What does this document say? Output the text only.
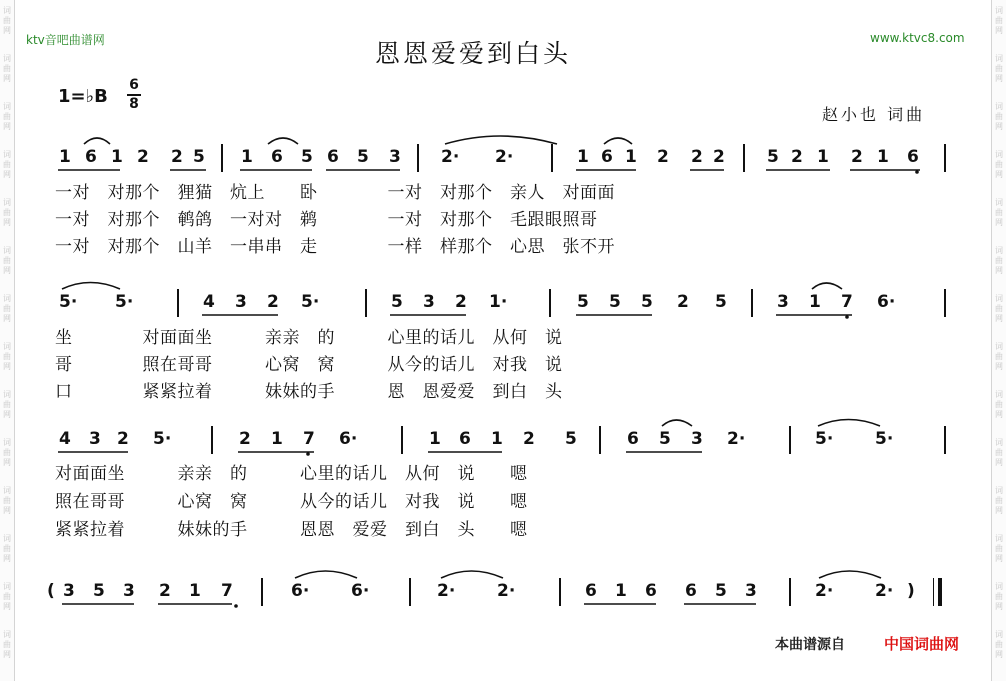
词曲网
词曲网
词曲网
词曲网
词曲网
词曲网
词曲网
词曲网
词曲网
词曲网
词曲网
词曲网
词曲网
词曲网
词曲网
词曲网
词曲网
词曲网
词曲网
词曲网
词曲网
词曲网
词曲网
词曲网
词曲网
词曲网
词曲网
词曲网
ktv音吧曲谱网	www.ktvc8.com
恩恩爱爱到白头
1=♭B
6
8
赵小也 词曲
1 6 1 2 2 5 1 6 5 6 5 3 2· 2·	1 6 1 2 2 2 5 2 1 2 1 6
一对　对那个　狸猫　炕上　　卧　　　　一对　对那个　亲人　对面面
一对　对那个　鹌鸽　一对对　鹈　　　　一对　对那个　毛跟眼照哥
一对　对那个　山羊　一串串　走　　　　一样　样那个　心思　张不开
5· 5·	4 3 2 5·	5 3 2 1·	5 5 5 2 5	3 1 7 6·
坐　　　　对面面坐　　　亲亲　的　　　心里的话儿　从何　说
哥　　　　照在哥哥　　　心窝　窝　　　从今的话儿　对我　说
口　　　　紧紧拉着　　　妹妹的手　　　恩　恩爱爱　到白　头
4 3 2 5·	2 1 7 6·	1 6 1 2 5	6 5 3 2·	5· 5·
对面面坐　　　亲亲　的　　　心里的话儿　从何　说　　嗯
照在哥哥　　　心窝　窝　　　从今的话儿　对我　说　　嗯
紧紧拉着　　　妹妹的手　　　恩恩　爱爱　到白　头　　嗯
( 3 5 3 2 1 7	6· 6·	2· 2·	6 1 6 6 5 3	2· 2· )
本曲谱源自	中国词曲网
